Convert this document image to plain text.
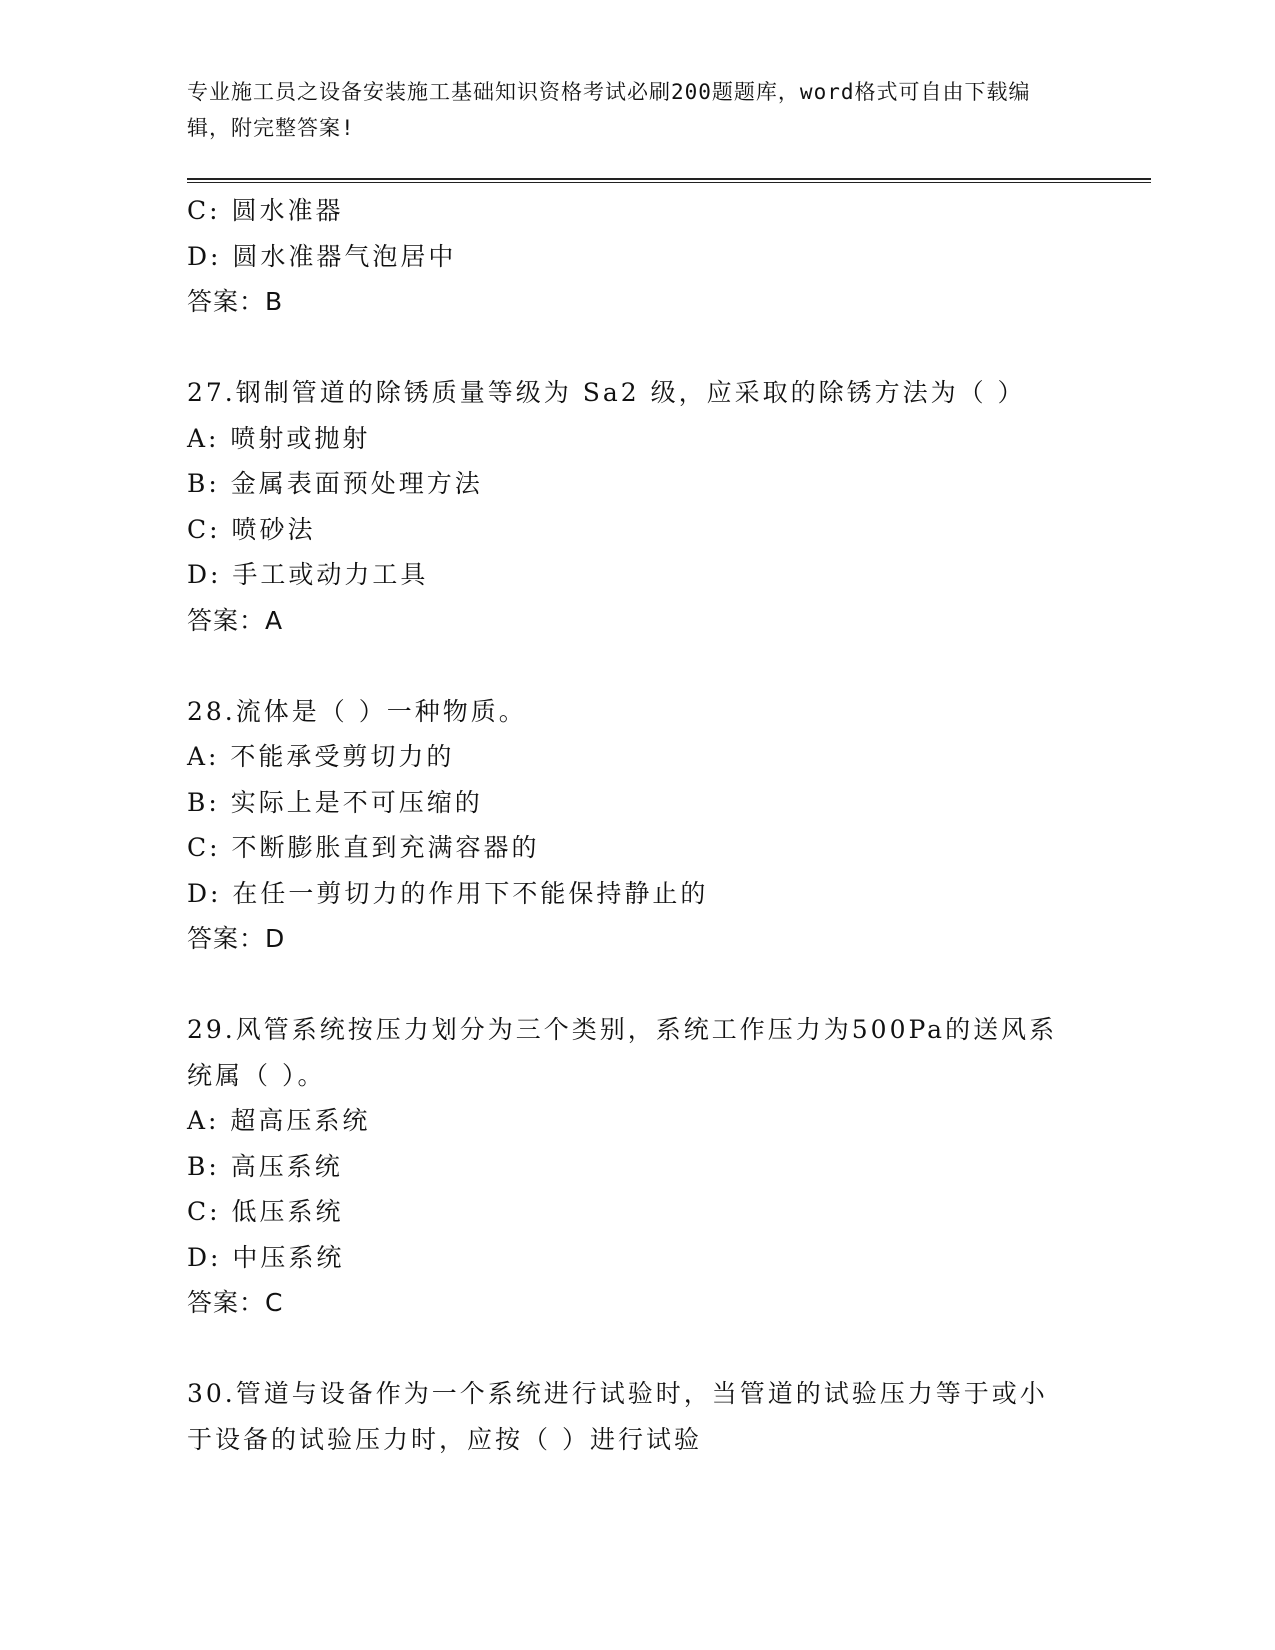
专业施工员之设备安装施工基础知识资格考试必刷200题题库，word格式可自由下载编辑，附完整答案!
C: 圆水准器
D: 圆水准器气泡居中
答案：B
27.钢制管道的除锈质量等级为 Sa2 级，应采取的除锈方法为（ ）
A: 喷射或抛射
B: 金属表面预处理方法
C: 喷砂法
D: 手工或动力工具
答案：A
28.流体是（ ）一种物质。
A: 不能承受剪切力的
B: 实际上是不可压缩的
C: 不断膨胀直到充满容器的
D: 在任一剪切力的作用下不能保持静止的
答案：D
29.风管系统按压力划分为三个类别，系统工作压力为500Pa的送风系
统属（ ）。
A: 超高压系统
B: 高压系统
C: 低压系统
D: 中压系统
答案：C
30.管道与设备作为一个系统进行试验时，当管道的试验压力等于或小
于设备的试验压力时，应按（ ）进行试验
